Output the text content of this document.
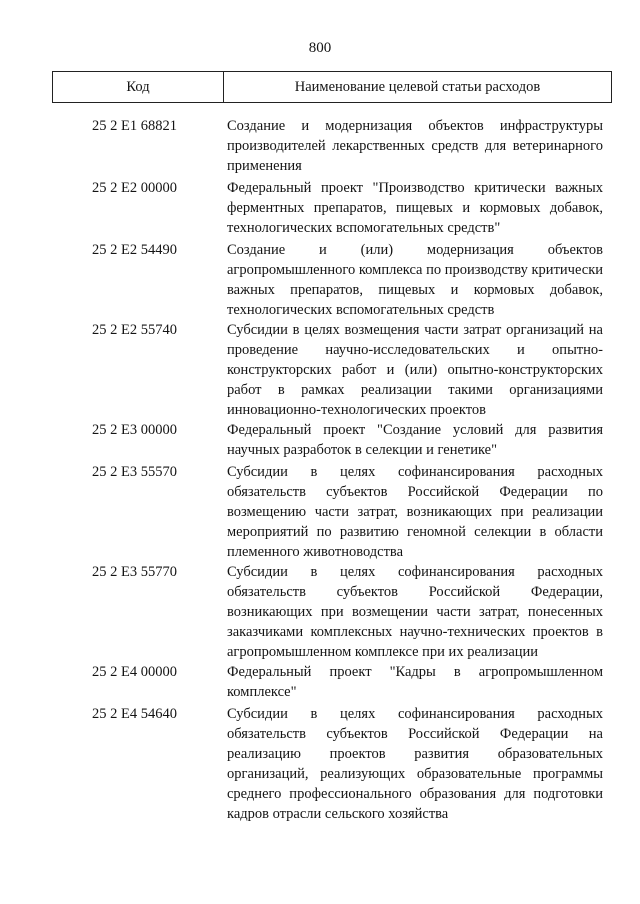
800
Код	Наименование целевой статьи расходов
25 2 E1 68821	Создание и модернизация объектов инфраструктуры производителей лекарственных средств для ветеринарного применения
25 2 E2 00000	Федеральный проект "Производство критически важных ферментных препаратов, пищевых и кормовых добавок, технологических вспомогательных средств"
25 2 E2 54490	Создание и (или) модернизация объектов агропромышленного комплекса по производству критически важных препаратов, пищевых и кормовых добавок, технологических вспомогательных средств
25 2 E2 55740	Субсидии в целях возмещения части затрат организаций на проведение научно-исследовательских и опытно-конструкторских работ и (или) опытно-конструкторских работ в рамках реализации такими организациями инновационно-технологических проектов
25 2 E3 00000	Федеральный проект "Создание условий для развития научных разработок в селекции и генетике"
25 2 E3 55570	Субсидии в целях софинансирования расходных обязательств субъектов Российской Федерации по возмещению части затрат, возникающих при реализации мероприятий по развитию геномной селекции в области племенного животноводства
25 2 E3 55770	Субсидии в целях софинансирования расходных обязательств субъектов Российской Федерации, возникающих при возмещении части затрат, понесенных заказчиками комплексных научно-технических проектов в агропромышленном комплексе при их реализации
25 2 E4 00000	Федеральный проект "Кадры в агропромышленном комплексе"
25 2 E4 54640	Субсидии в целях софинансирования расходных обязательств субъектов Российской Федерации на реализацию проектов развития образовательных организаций, реализующих образовательные программы среднего профессионального образования для подготовки кадров отрасли сельского хозяйства
